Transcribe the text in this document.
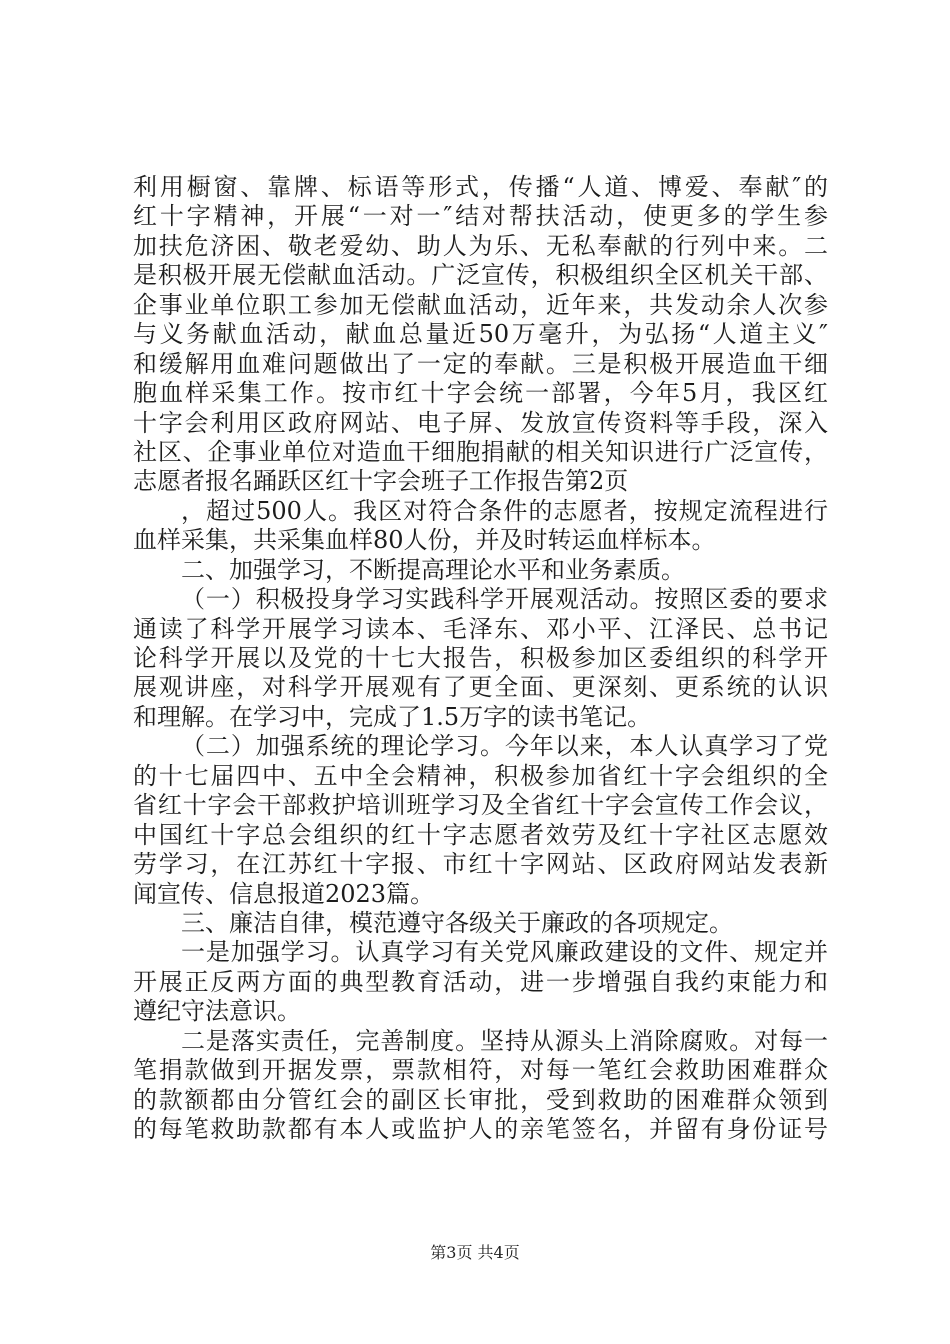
利用橱窗、靠牌、标语等形式，传播“人道、博爱、奉献″的
红十字精神，开展“一对一″结对帮扶活动，使更多的学生参
加扶危济困、敬老爱幼、助人为乐、无私奉献的行列中来。二
是积极开展无偿献血活动。广泛宣传，积极组织全区机关干部、
企事业单位职工参加无偿献血活动，近年来，共发动余人次参
与义务献血活动，献血总量近50万毫升，为弘扬“人道主义″
和缓解用血难问题做出了一定的奉献。三是积极开展造血干细
胞血样采集工作。按市红十字会统一部署，今年5月，我区红
十字会利用区政府网站、电子屏、发放宣传资料等手段，深入
社区、企事业单位对造血干细胞捐献的相关知识进行广泛宣传，
志愿者报名踊跃区红十字会班子工作报告第2页
，超过500人。我区对符合条件的志愿者，按规定流程进行
血样采集，共采集血样80人份，并及时转运血样标本。
二、加强学习，不断提高理论水平和业务素质。
（一）积极投身学习实践科学开展观活动。按照区委的要求
通读了科学开展学习读本、毛泽东、邓小平、江泽民、总书记
论科学开展以及党的十七大报告，积极参加区委组织的科学开
展观讲座，对科学开展观有了更全面、更深刻、更系统的认识
和理解。在学习中，完成了1.5万字的读书笔记。
（二）加强系统的理论学习。今年以来，本人认真学习了党
的十七届四中、五中全会精神，积极参加省红十字会组织的全
省红十字会干部救护培训班学习及全省红十字会宣传工作会议，
中国红十字总会组织的红十字志愿者效劳及红十字社区志愿效
劳学习，在江苏红十字报、市红十字网站、区政府网站发表新
闻宣传、信息报道2023篇。
三、廉洁自律，模范遵守各级关于廉政的各项规定。
一是加强学习。认真学习有关党风廉政建设的文件、规定并
开展正反两方面的典型教育活动，进一步增强自我约束能力和
遵纪守法意识。
二是落实责任，完善制度。坚持从源头上消除腐败。对每一
笔捐款做到开据发票，票款相符，对每一笔红会救助困难群众
的款额都由分管红会的副区长审批，受到救助的困难群众领到
的每笔救助款都有本人或监护人的亲笔签名，并留有身份证号
第3页 共4页
